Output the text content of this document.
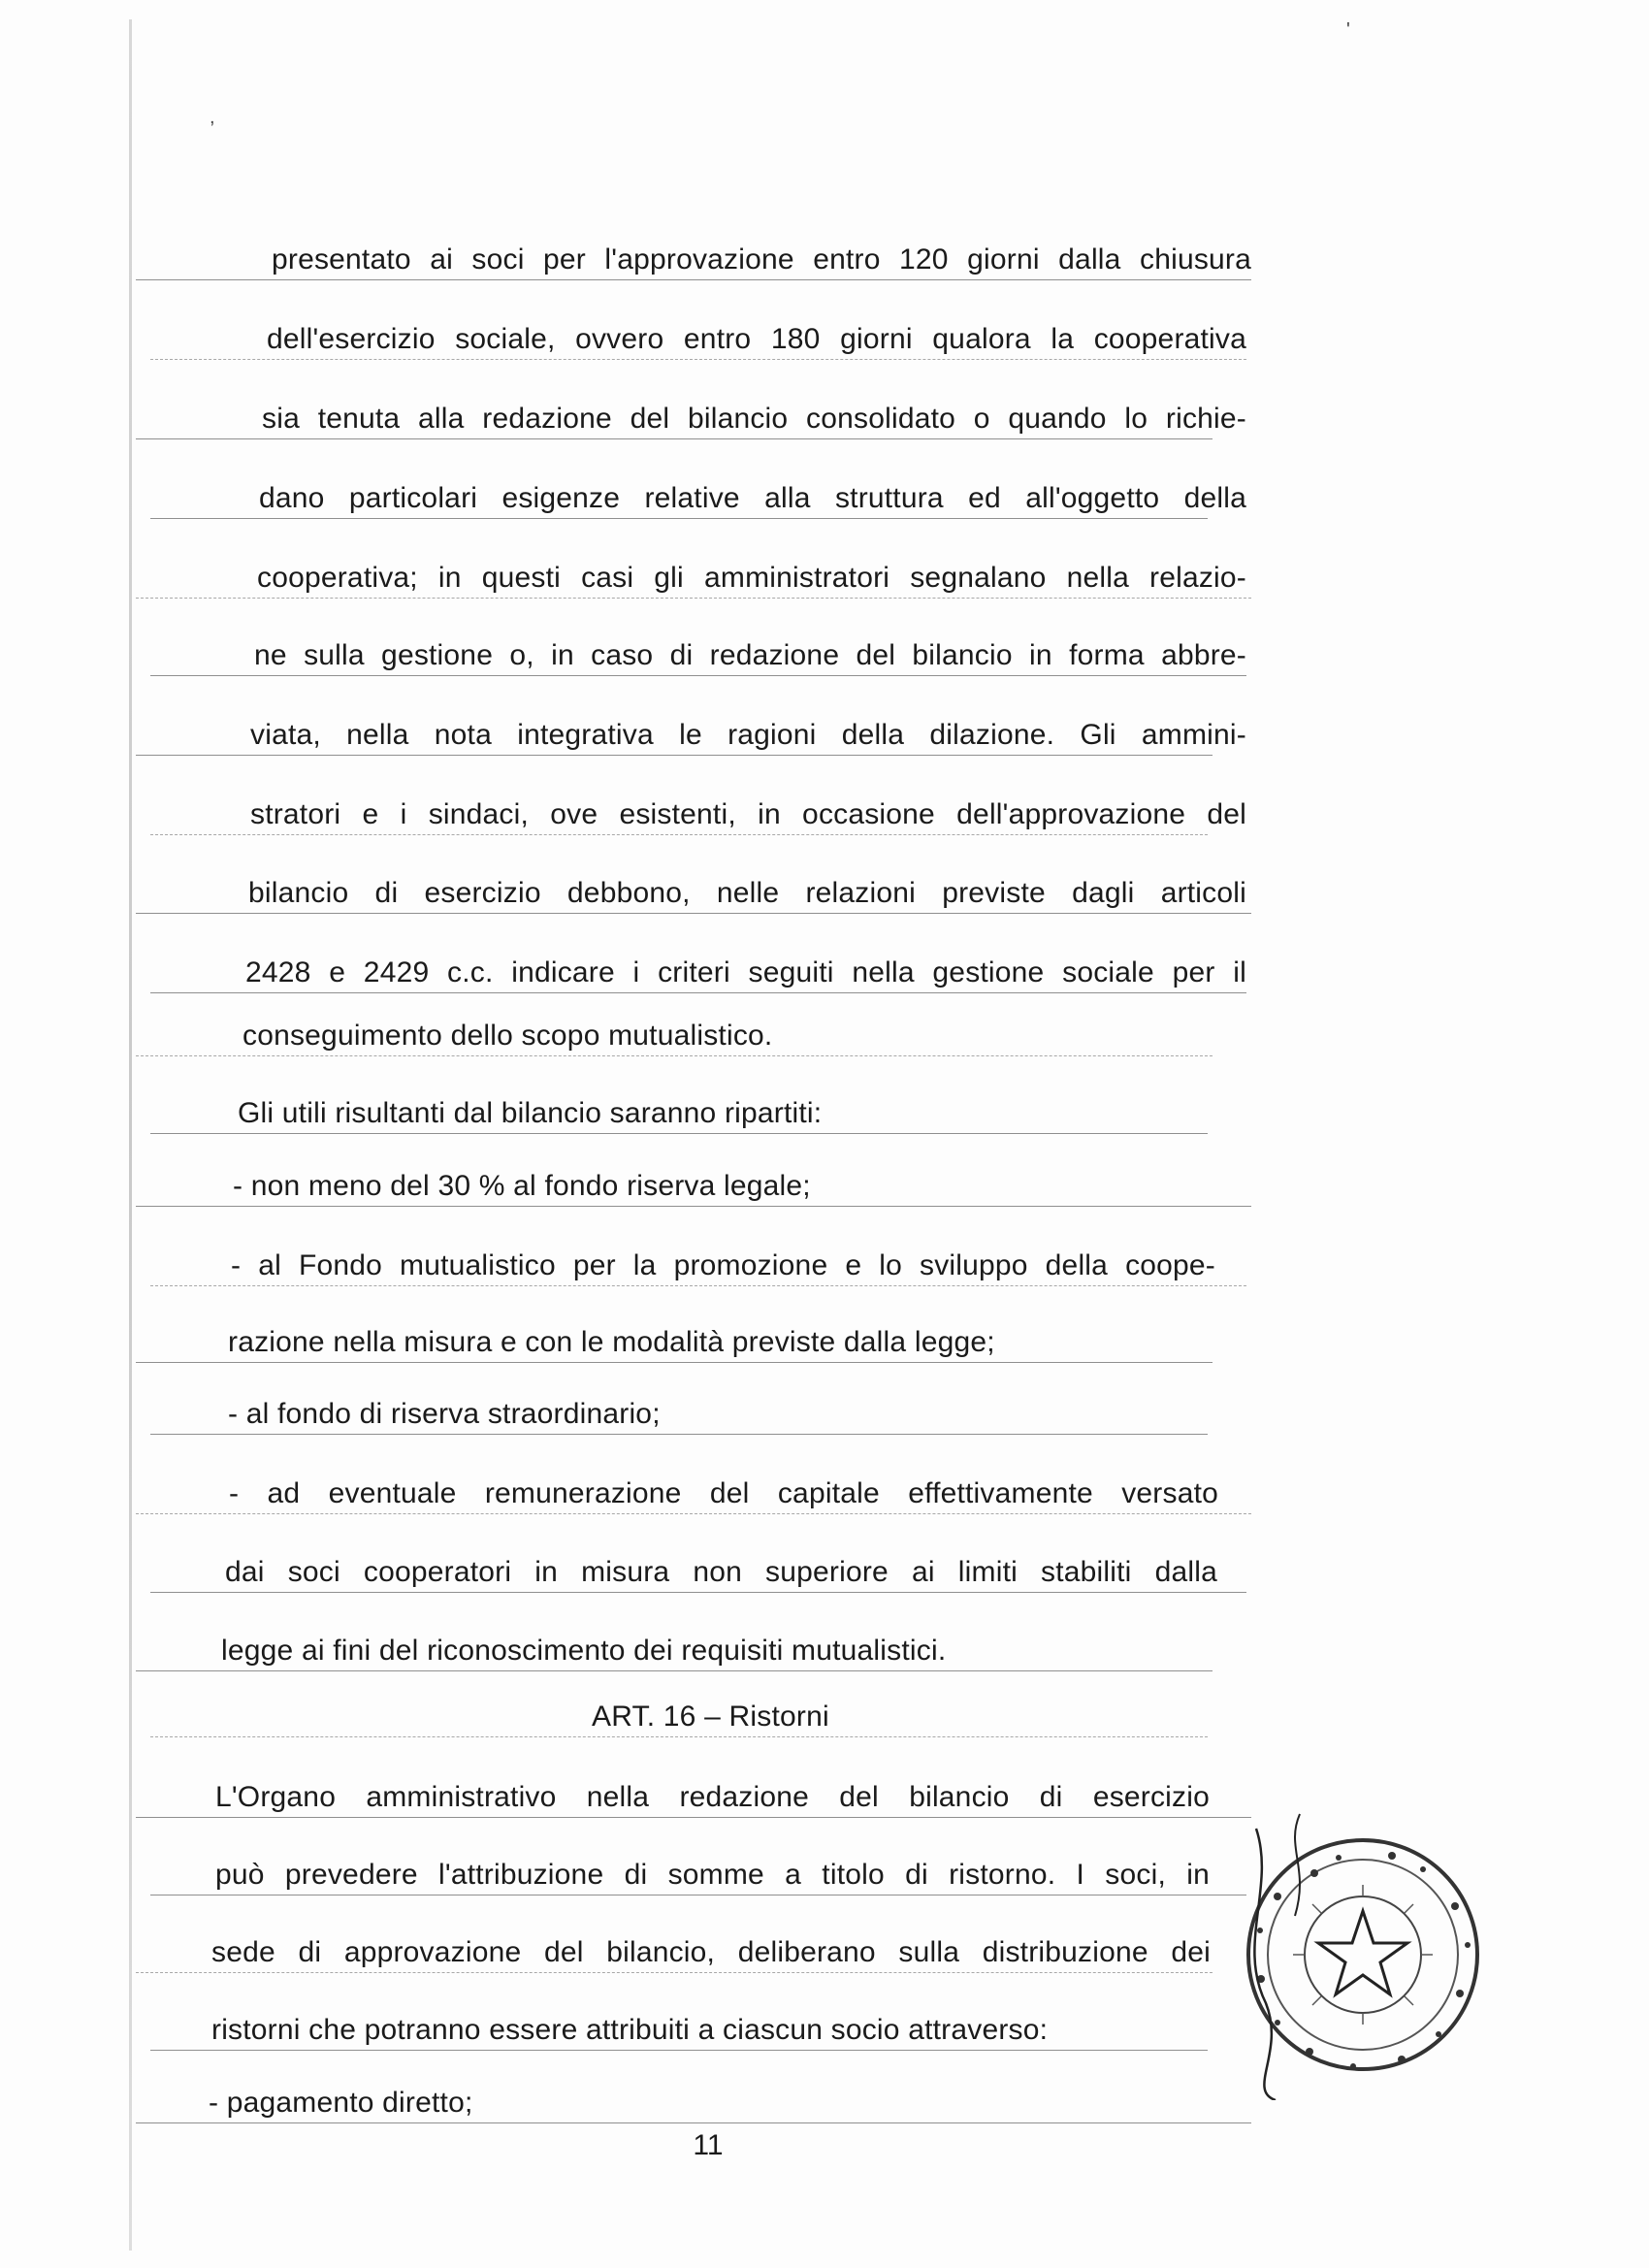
presentato ai soci per l'approvazione entro 120 giorni dalla chiusura
dell'esercizio sociale, ovvero entro 180 giorni qualora la cooperativa
sia tenuta alla redazione del bilancio consolidato o quando lo richie-
dano particolari esigenze relative alla struttura ed all'oggetto della
cooperativa; in questi casi gli amministratori segnalano nella relazio-
ne sulla gestione o, in caso di redazione del bilancio in forma abbre-
viata, nella nota integrativa le ragioni della dilazione. Gli ammini-
stratori e i sindaci, ove esistenti, in occasione dell'approvazione del
bilancio di esercizio debbono, nelle relazioni previste dagli articoli
2428 e 2429 c.c. indicare i criteri seguiti nella gestione sociale per il
conseguimento dello scopo mutualistico.
Gli utili risultanti dal bilancio saranno ripartiti:
- non meno del 30 % al fondo riserva legale;
- al Fondo mutualistico per la promozione e lo sviluppo della coope-
razione nella misura e con le modalità previste dalla legge;
- al fondo di riserva straordinario;
- ad eventuale remunerazione del capitale effettivamente versato
dai soci cooperatori in misura non superiore ai limiti stabiliti dalla
legge ai fini del riconoscimento dei requisiti mutualistici.
ART. 16 – Ristorni
L'Organo amministrativo nella redazione del bilancio di esercizio
può prevedere l'attribuzione di somme a titolo di ristorno. I soci, in
sede di approvazione del bilancio, deliberano sulla distribuzione dei
ristorni che potranno essere attribuiti a ciascun socio attraverso:
- pagamento diretto;
11
,
'
